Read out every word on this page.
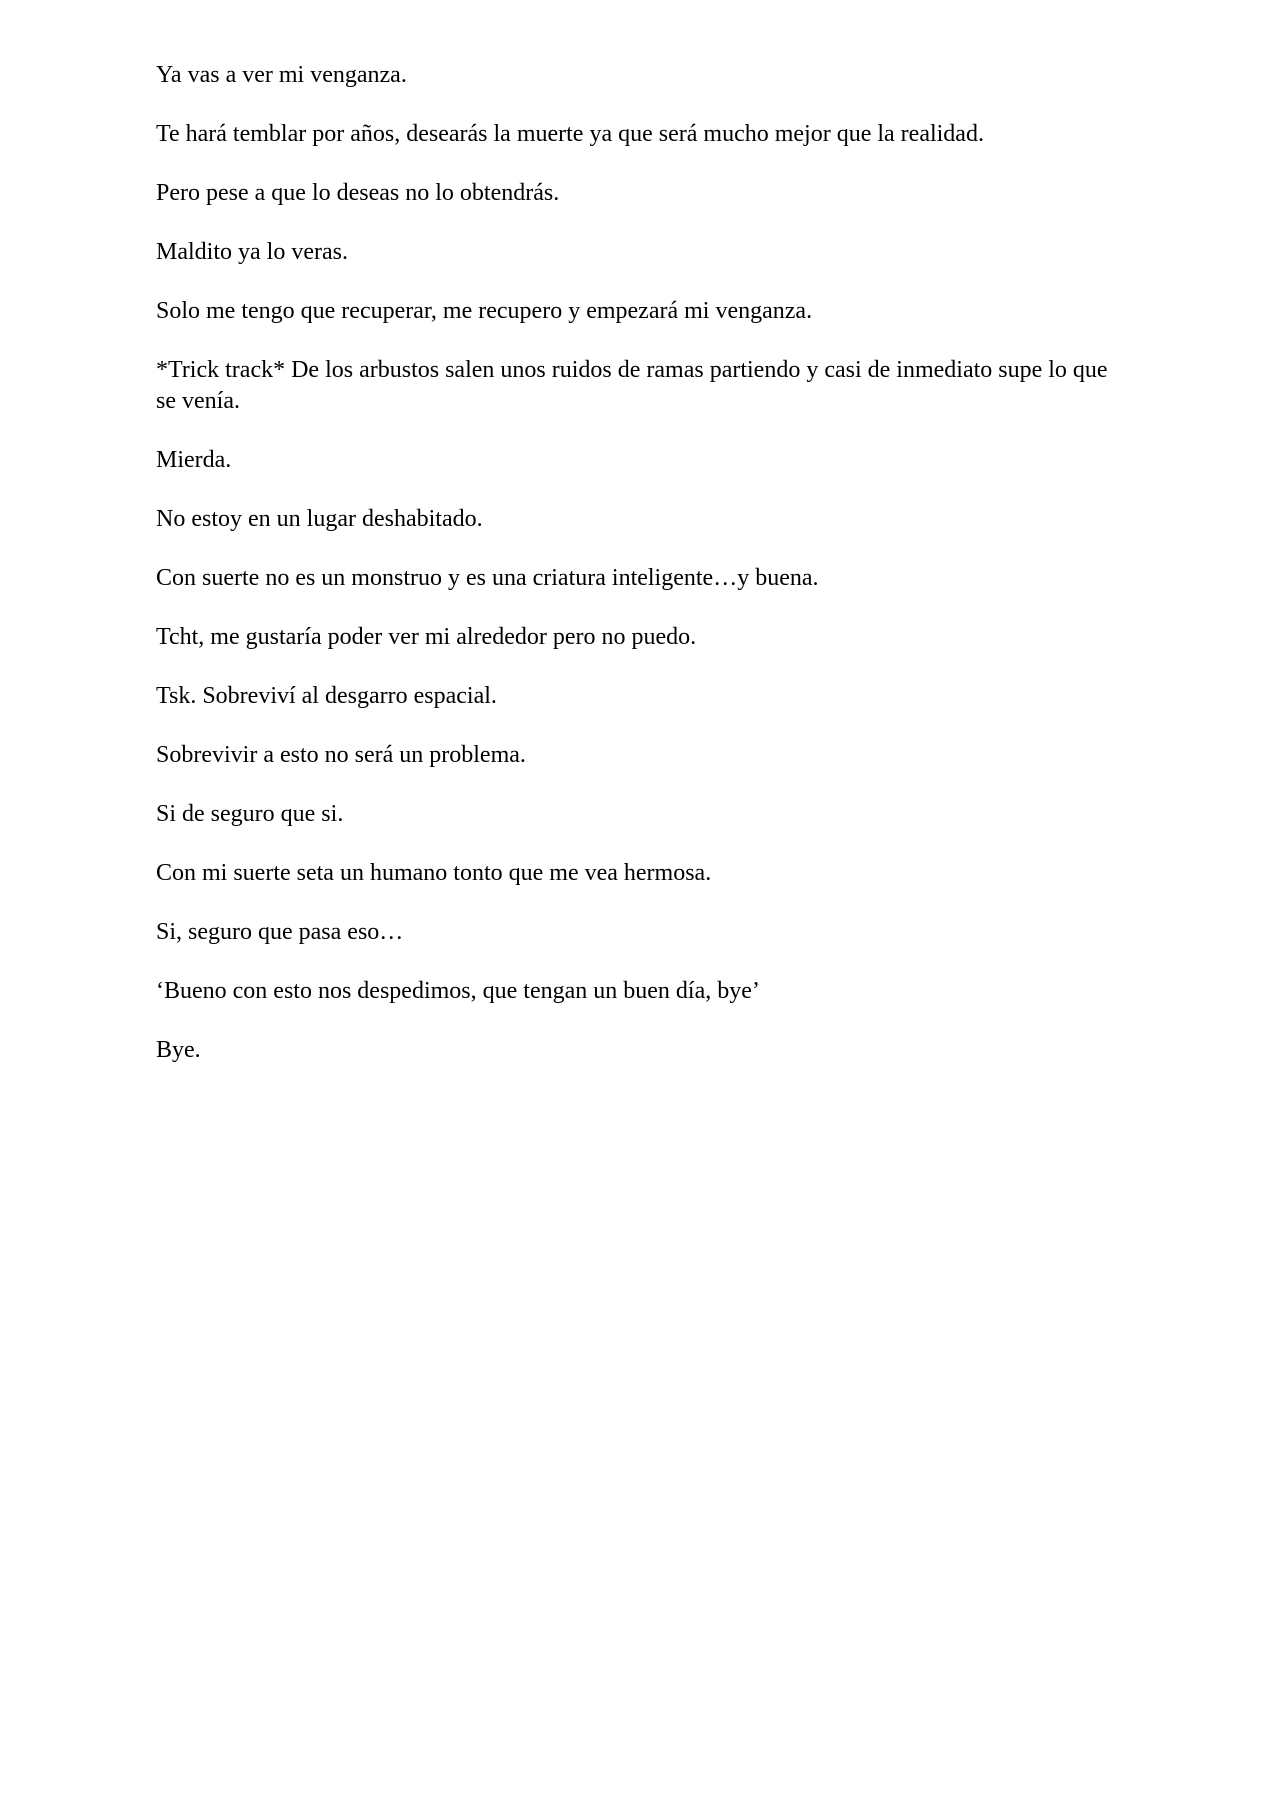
Ya vas a ver mi venganza.

Te hará temblar por años, desearás la muerte ya que será mucho mejor que la realidad.

Pero pese a que lo deseas no lo obtendrás.

Maldito ya lo veras.

Solo me tengo que recuperar, me recupero y empezará mi venganza.

*Trick track* De los arbustos salen unos ruidos de ramas partiendo y casi de inmediato supe lo que se venía.

Mierda.

No estoy en un lugar deshabitado.

Con suerte no es un monstruo y es una criatura inteligente…y buena.

Tcht, me gustaría poder ver mi alrededor pero no puedo.

Tsk. Sobreviví al desgarro espacial.

Sobrevivir a esto no será un problema.

Si de seguro que si.

Con mi suerte seta un humano tonto que me vea hermosa.

Si, seguro que pasa eso…

‘Bueno con esto nos despedimos, que tengan un buen día, bye’

Bye.
